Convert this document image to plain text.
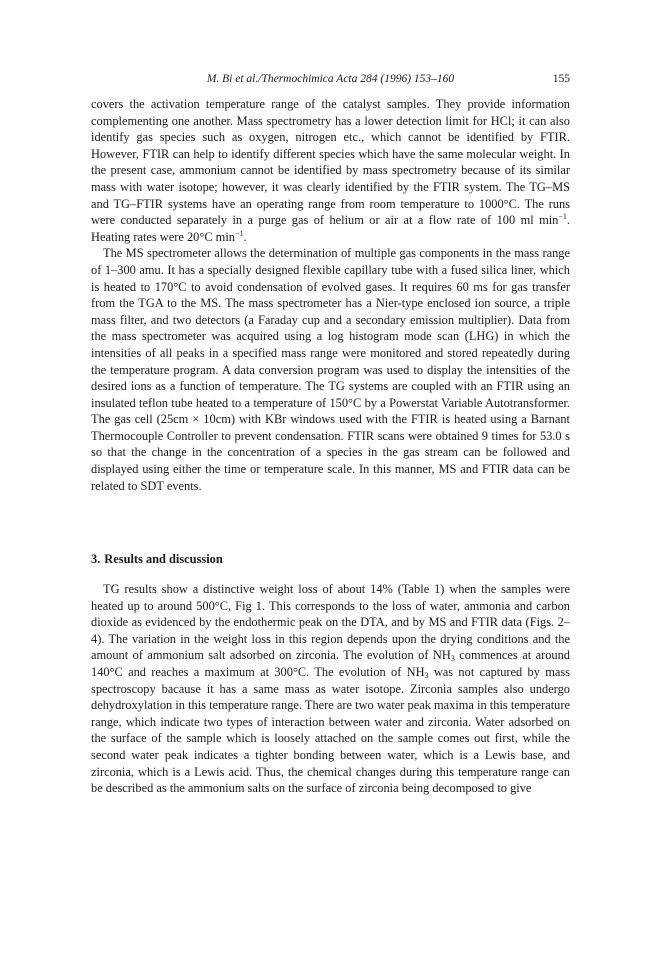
M. Bi et al./Thermochimica Acta 284 (1996) 153–160	155

covers the activation temperature range of the catalyst samples. They provide information complementing one another. Mass spectrometry has a lower detection limit for HCl; it can also identify gas species such as oxygen, nitrogen etc., which cannot be identified by FTIR. However, FTIR can help to identify different species which have the same molecular weight. In the present case, ammonium cannot be identified by mass spectrometry because of its similar mass with water isotope; however, it was clearly identified by the FTIR system. The TG–MS and TG–FTIR systems have an operating range from room temperature to 1000°C. The runs were conducted separately in a purge gas of helium or air at a flow rate of 100 ml $\min^{-1}$. Heating rates were 20°C $\min^{-1}$.

The MS spectrometer allows the determination of multiple gas components in the mass range of 1–300 amu. It has a specially designed flexible capillary tube with a fused silica liner, which is heated to 170°C to avoid condensation of evolved gases. It requires 60 ms for gas transfer from the TGA to the MS. The mass spectrometer has a Nier-type enclosed ion source, a triple mass filter, and two detectors (a Faraday cup and a secondary emission multiplier). Data from the mass spectrometer was acquired using a log histogram mode scan (LHG) in which the intensities of all peaks in a specified mass range were monitored and stored repeatedly during the temperature program. A data conversion program was used to display the intensities of the desired ions as a function of temperature. The TG systems are coupled with an FTIR using an insulated teflon tube heated to a temperature of 150°C by a Powerstat Variable Autotransformer. The gas cell (25cm × 10cm) with KBr windows used with the FTIR is heated using a Barnant Thermocouple Controller to prevent condensation. FTIR scans were obtained 9 times for 53.0 s so that the change in the concentration of a species in the gas stream can be followed and displayed using either the time or temperature scale. In this manner, MS and FTIR data can be related to SDT events.

3. Results and discussion

TG results show a distinctive weight loss of about 14% (Table 1) when the samples were heated up to around 500°C, Fig 1. This corresponds to the loss of water, ammonia and carbon dioxide as evidenced by the endothermic peak on the DTA, and by MS and FTIR data (Figs. 2–4). The variation in the weight loss in this region depends upon the drying conditions and the amount of ammonium salt adsorbed on zirconia. The evolution of $NH_3$ commences at around 140°C and reaches a maximum at 300°C. The evolution of $NH_3$ was not captured by mass spectroscopy bacause it has a same mass as water isotope. Zirconia samples also undergo dehydroxylation in this temperature range. There are two water peak maxima in this temperature range, which indicate two types of interaction between water and zirconia. Water adsorbed on the surface of the sample which is loosely attached on the sample comes out first, while the second water peak indicates a tighter bonding between water, which is a Lewis base, and zirconia, which is a Lewis acid. Thus, the chemical changes during this temperature range can be described as the ammonium salts on the surface of zirconia being decomposed to give
